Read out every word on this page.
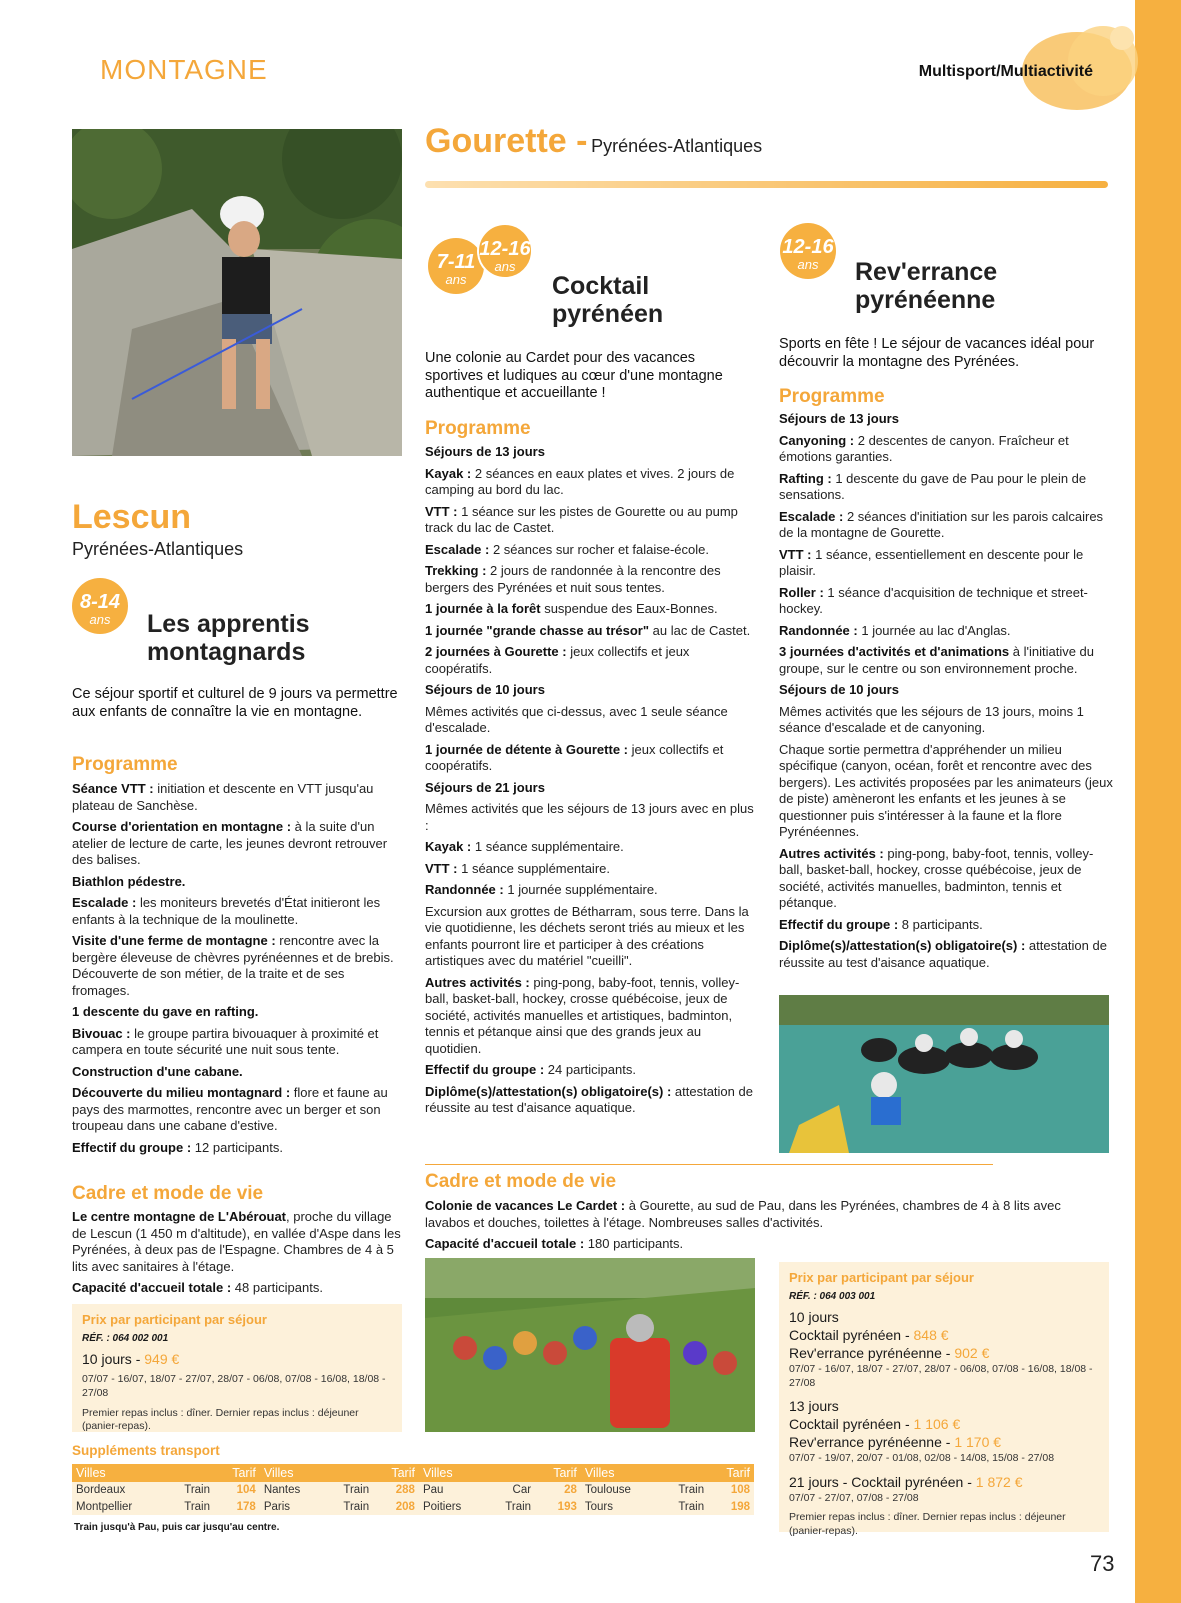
MONTAGNE	Multisport/Multiactivité
Lescun
Pyrénées-Atlantiques
8-14
ans	Les apprentis
montagnards
Ce séjour sportif et culturel de 9 jours va permettre aux enfants de connaître la vie en montagne.
Programme
Séance VTT : initiation et descente en VTT jusqu'au plateau de Sanchèse.
Course d'orientation en montagne : à la suite d'un atelier de lecture de carte, les jeunes devront retrouver des balises.
Biathlon pédestre.
Escalade : les moniteurs brevetés d'État initieront les enfants à la technique de la moulinette.
Visite d'une ferme de montagne : rencontre avec la bergère éleveuse de chèvres pyrénéennes et de brebis. Découverte de son métier, de la traite et de ses fromages.
1 descente du gave en rafting.
Bivouac : le groupe partira bivouaquer à proximité et campera en toute sécurité une nuit sous tente.
Construction d'une cabane.
Découverte du milieu montagnard : flore et faune au pays des marmottes, rencontre avec un berger et son troupeau dans une cabane d'estive.
Effectif du groupe : 12 participants.
Cadre et mode de vie
Le centre montagne de L'Abérouat, proche du village de Lescun (1 450 m d'altitude), en vallée d'Aspe dans les Pyrénées, à deux pas de l'Espagne. Chambres de 4 à 5 lits avec sanitaires à l'étage.
Capacité d'accueil totale : 48 participants.
Prix par participant par séjour
RÉF. : 064 002 001
10 jours - 949 €
07/07 - 16/07, 18/07 - 27/07, 28/07 - 06/08, 07/08 - 16/08, 18/08 - 27/08
Premier repas inclus : dîner. Dernier repas inclus : déjeuner (panier-repas).
Gourette - Pyrénées-Atlantiques
7-11
ans
12-16
ans
Cocktail
pyrénéen
Une colonie au Cardet pour des vacances sportives et ludiques au cœur d'une montagne authentique et accueillante !
Programme
Séjours de 13 jours
Kayak : 2 séances en eaux plates et vives. 2 jours de camping au bord du lac.
VTT : 1 séance sur les pistes de Gourette ou au pump track du lac de Castet.
Escalade : 2 séances sur rocher et falaise-école.
Trekking : 2 jours de randonnée à la rencontre des bergers des Pyrénées et nuit sous tentes.
1 journée à la forêt suspendue des Eaux-Bonnes.
1 journée "grande chasse au trésor" au lac de Castet.
2 journées à Gourette : jeux collectifs et jeux coopératifs.
Séjours de 10 jours
Mêmes activités que ci-dessus, avec 1 seule séance d'escalade.
1 journée de détente à Gourette : jeux collectifs et coopératifs.
Séjours de 21 jours
Mêmes activités que les séjours de 13 jours avec en plus :
Kayak : 1 séance supplémentaire.
VTT : 1 séance supplémentaire.
Randonnée : 1 journée supplémentaire.
Excursion aux grottes de Bétharram, sous terre. Dans la vie quotidienne, les déchets seront triés au mieux et les enfants pourront lire et participer à des créations artistiques avec du matériel "cueilli".
Autres activités : ping-pong, baby-foot, tennis, volley-ball, basket-ball, hockey, crosse québécoise, jeux de société, activités manuelles et artistiques, badminton, tennis et pétanque ainsi que des grands jeux au quotidien.
Effectif du groupe : 24 participants.
Diplôme(s)/attestation(s) obligatoire(s) : attestation de réussite au test d'aisance aquatique.
12-16
ans	Rev'errance
pyrénéenne
Sports en fête ! Le séjour de vacances idéal pour découvrir la montagne des Pyrénées.
Programme
Séjours de 13 jours
Canyoning : 2 descentes de canyon. Fraîcheur et émotions garanties.
Rafting : 1 descente du gave de Pau pour le plein de sensations.
Escalade : 2 séances d'initiation sur les parois calcaires de la montagne de Gourette.
VTT : 1 séance, essentiellement en descente pour le plaisir.
Roller : 1 séance d'acquisition de technique et street-hockey.
Randonnée : 1 journée au lac d'Anglas.
3 journées d'activités et d'animations à l'initiative du groupe, sur le centre ou son environnement proche.
Séjours de 10 jours
Mêmes activités que les séjours de 13 jours, moins 1 séance d'escalade et de canyoning.
Chaque sortie permettra d'appréhender un milieu spécifique (canyon, océan, forêt et rencontre avec des bergers). Les activités proposées par les animateurs (jeux de piste) amèneront les enfants et les jeunes à se questionner puis s'intéresser à la faune et la flore Pyrénéennes.
Autres activités : ping-pong, baby-foot, tennis, volley-ball, basket-ball, hockey, crosse québécoise, jeux de société, activités manuelles, badminton, tennis et pétanque.
Effectif du groupe : 8 participants.
Diplôme(s)/attestation(s) obligatoire(s) : attestation de réussite au test d'aisance aquatique.
Cadre et mode de vie
Colonie de vacances Le Cardet : à Gourette, au sud de Pau, dans les Pyrénées, chambres de 4 à 8 lits avec lavabos et douches, toilettes à l'étage. Nombreuses salles d'activités.
Capacité d'accueil totale : 180 participants.
Prix par participant par séjour
RÉF. : 064 003 001
10 jours
Cocktail pyrénéen - 848 €
Rev'errance pyrénéenne - 902 €
07/07 - 16/07, 18/07 - 27/07, 28/07 - 06/08, 07/08 - 16/08, 18/08 - 27/08
13 jours
Cocktail pyrénéen - 1 106 €
Rev'errance pyrénéenne - 1 170 €
07/07 - 19/07, 20/07 - 01/08, 02/08 - 14/08, 15/08 - 27/08
21 jours - Cocktail pyrénéen - 1 872 €
07/07 - 27/07, 07/08 - 27/08
Premier repas inclus : dîner. Dernier repas inclus : déjeuner (panier-repas).
Suppléments transport
Villes		Tarif	Villes		Tarif	Villes		Tarif	Villes		Tarif
Bordeaux	Train	104	Nantes	Train	288	Pau	Car	28	Toulouse	Train	108
Montpellier	Train	178	Paris	Train	208	Poitiers	Train	193	Tours	Train	198
Train jusqu'à Pau, puis car jusqu'au centre.
73
